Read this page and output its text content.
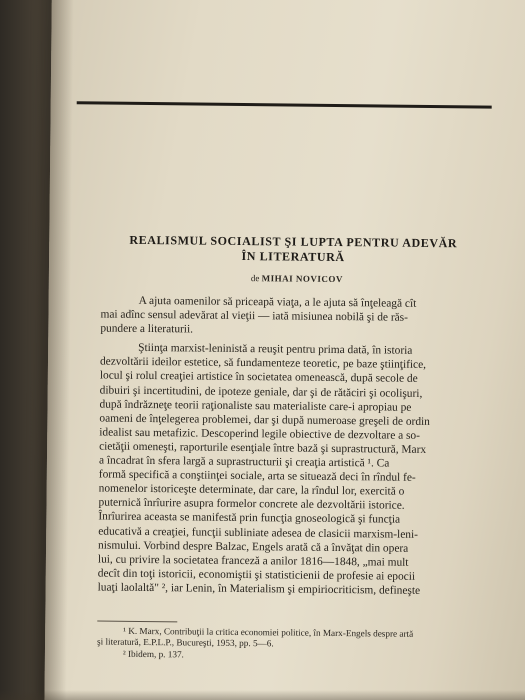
REALISMUL SOCIALIST ŞI LUPTA PENTRU ADEVĂR
ÎN LITERATURĂ
de MIHAI NOVICOV
A ajuta oamenilor să priceapă viaţa, a le ajuta să înţeleagă cît
mai adînc sensul adevărat al vieţii — iată misiunea nobilă şi de răs-
pundere a literaturii.
Ştiinţa marxist-leninistă a reuşit pentru prima dată, în istoria
dezvoltării ideilor estetice, să fundamenteze teoretic, pe baze ştiinţifice,
locul şi rolul creaţiei artistice în societatea omenească, după secole de
dibuiri şi incertitudini, de ipoteze geniale, dar şi de rătăciri şi ocolişuri,
după îndrăzneţe teorii raţionaliste sau materialiste care-i apropiau pe
oameni de înţelegerea problemei, dar şi după numeroase greşeli de ordin
idealist sau metafizic. Descoperind legile obiective de dezvoltare a so-
cietăţii omeneşti, raporturile esenţiale între bază şi suprastructură, Marx
a încadrat în sfera largă a suprastructurii şi creaţia artistică ¹. Ca
formă specifică a conştiinţei sociale, arta se situează deci în rîndul fe-
nomenelor istoriceşte determinate, dar care, la rîndul lor, exercită o
puternică înrîurire asupra formelor concrete ale dezvoltării istorice.
Înrîurirea aceasta se manifestă prin funcţia gnoseologică şi funcţia
educativă a creaţiei, funcţii subliniate adesea de clasicii marxism-leni-
nismului. Vorbind despre Balzac, Engels arată că a învăţat din opera
lui, cu privire la societatea franceză a anilor 1816—1848, „mai mult
decît din toţi istoricii, economiştii şi statisticienii de profesie ai epocii
luaţi laolaltă" ², iar Lenin, în Materialism şi empiriocriticism, defineşte
¹ K. Marx, Contribuţii la critica economiei politice, în Marx-Engels despre artă
şi literatură, E.P.L.P., Bucureşti, 1953, pp. 5—6.
² Ibidem, p. 137.
